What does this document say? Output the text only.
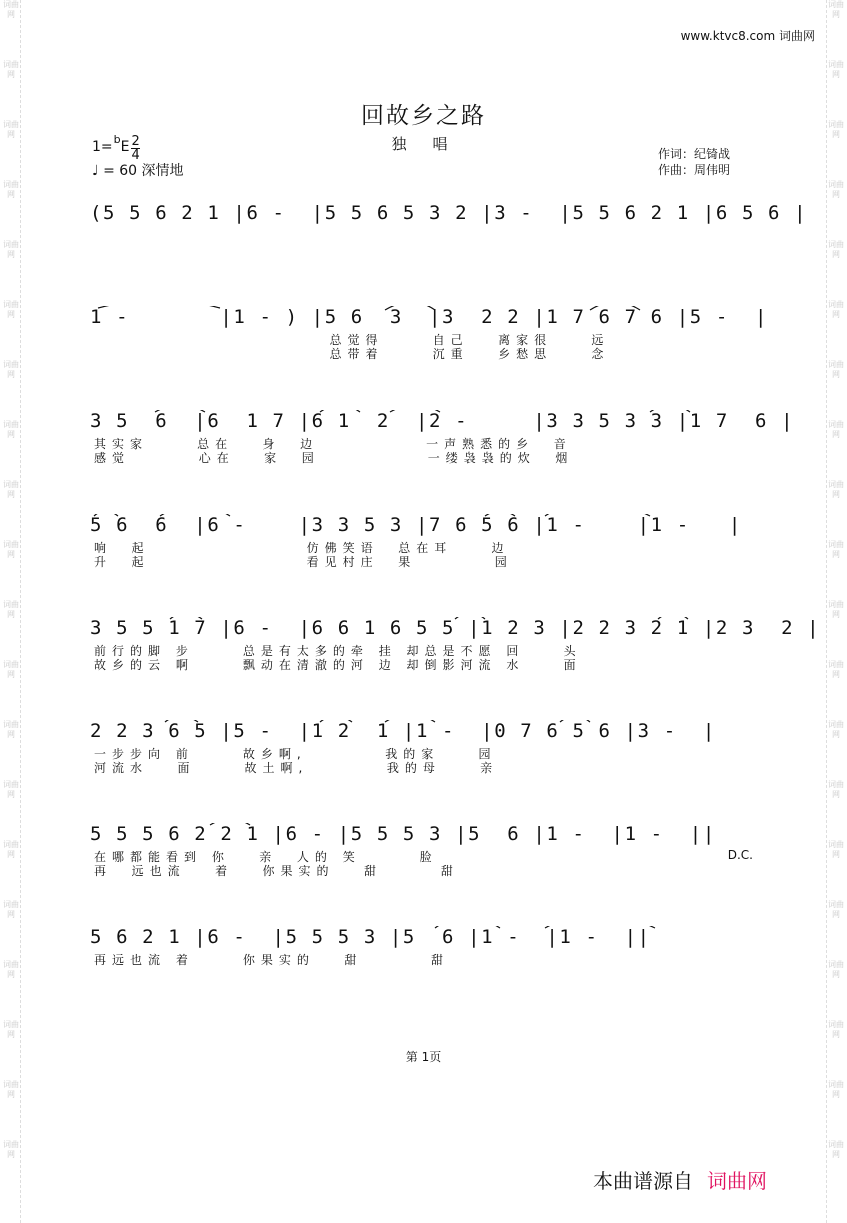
词曲网
词曲网
词曲网
词曲网
词曲网
词曲网
词曲网
词曲网
词曲网
词曲网
词曲网
词曲网
词曲网
词曲网
词曲网
词曲网
词曲网
词曲网
词曲网
词曲网
词曲网
词曲网
词曲网
词曲网
词曲网
词曲网
词曲网
词曲网
词曲网
词曲网
词曲网
词曲网
词曲网
词曲网
词曲网
词曲网
词曲网
词曲网
词曲网
词曲网
www.ktvc8.com 词曲网
回故乡之路
独唱
$1=^bE \frac{2}{4}$
♩ = 60 深情地
作词：纪锜战
作曲：周伟明
(5 5 6 2 1 |6 -  |5 5 6 5 3 2 |3 -  |5 5 6 2 1 |6 5 6 |
1 -       |1 - ) |5 6  3  |3  2 2 |1 7 6 7 6 |5 -  |
总觉得     自己   离家很    远
总带着     沉重   乡愁思    念
3 5  6  |6  1 7 |6 1  2  |2 -     |3 3 5 3 3 |1 7  6 |
其实家     总在   身  边           一声熟悉的乡  音
感觉       心在   家  园           一缕袅袅的炊  烟
5 6  6  |6 -    |3 3 5 3 |7 6 5 6 |1 -    |1 -   |
响  起                仿佛笑语  总在耳    边
升  起                看见村庄  果        园
3 5 5 1 7 |6 -  |6 6 1 6 5 5 |1 2 3 |2 2 3 2 1 |2 3  2 |
前行的脚 步     总是有太多的牵 挂 却总是不愿 回    头
故乡的云 啊     飘动在清澈的河 边 却倒影河流 水    面
2 2 3 6 5 |5 -  |1 2  1 |1 -  |0 7 6 5 6 |3 -  |
一步步向 前     故乡啊,        我的家    园
河流水   面     故土啊,        我的母    亲
5 5 5 6 2 2 1 |6 - |5 5 5 3 |5  6 |1 -  |1 -  ||
在哪都能看到 你   亲  人的 笑      脸
再  远也流   着   你果实的   甜      甜
D.C.
5 6 2 1 |6 -  |5 5 5 3 |5  6 |1 -  |1 -  ||
再远也流 着     你果实的   甜       甜
第 1页
本曲谱源自 词曲网
